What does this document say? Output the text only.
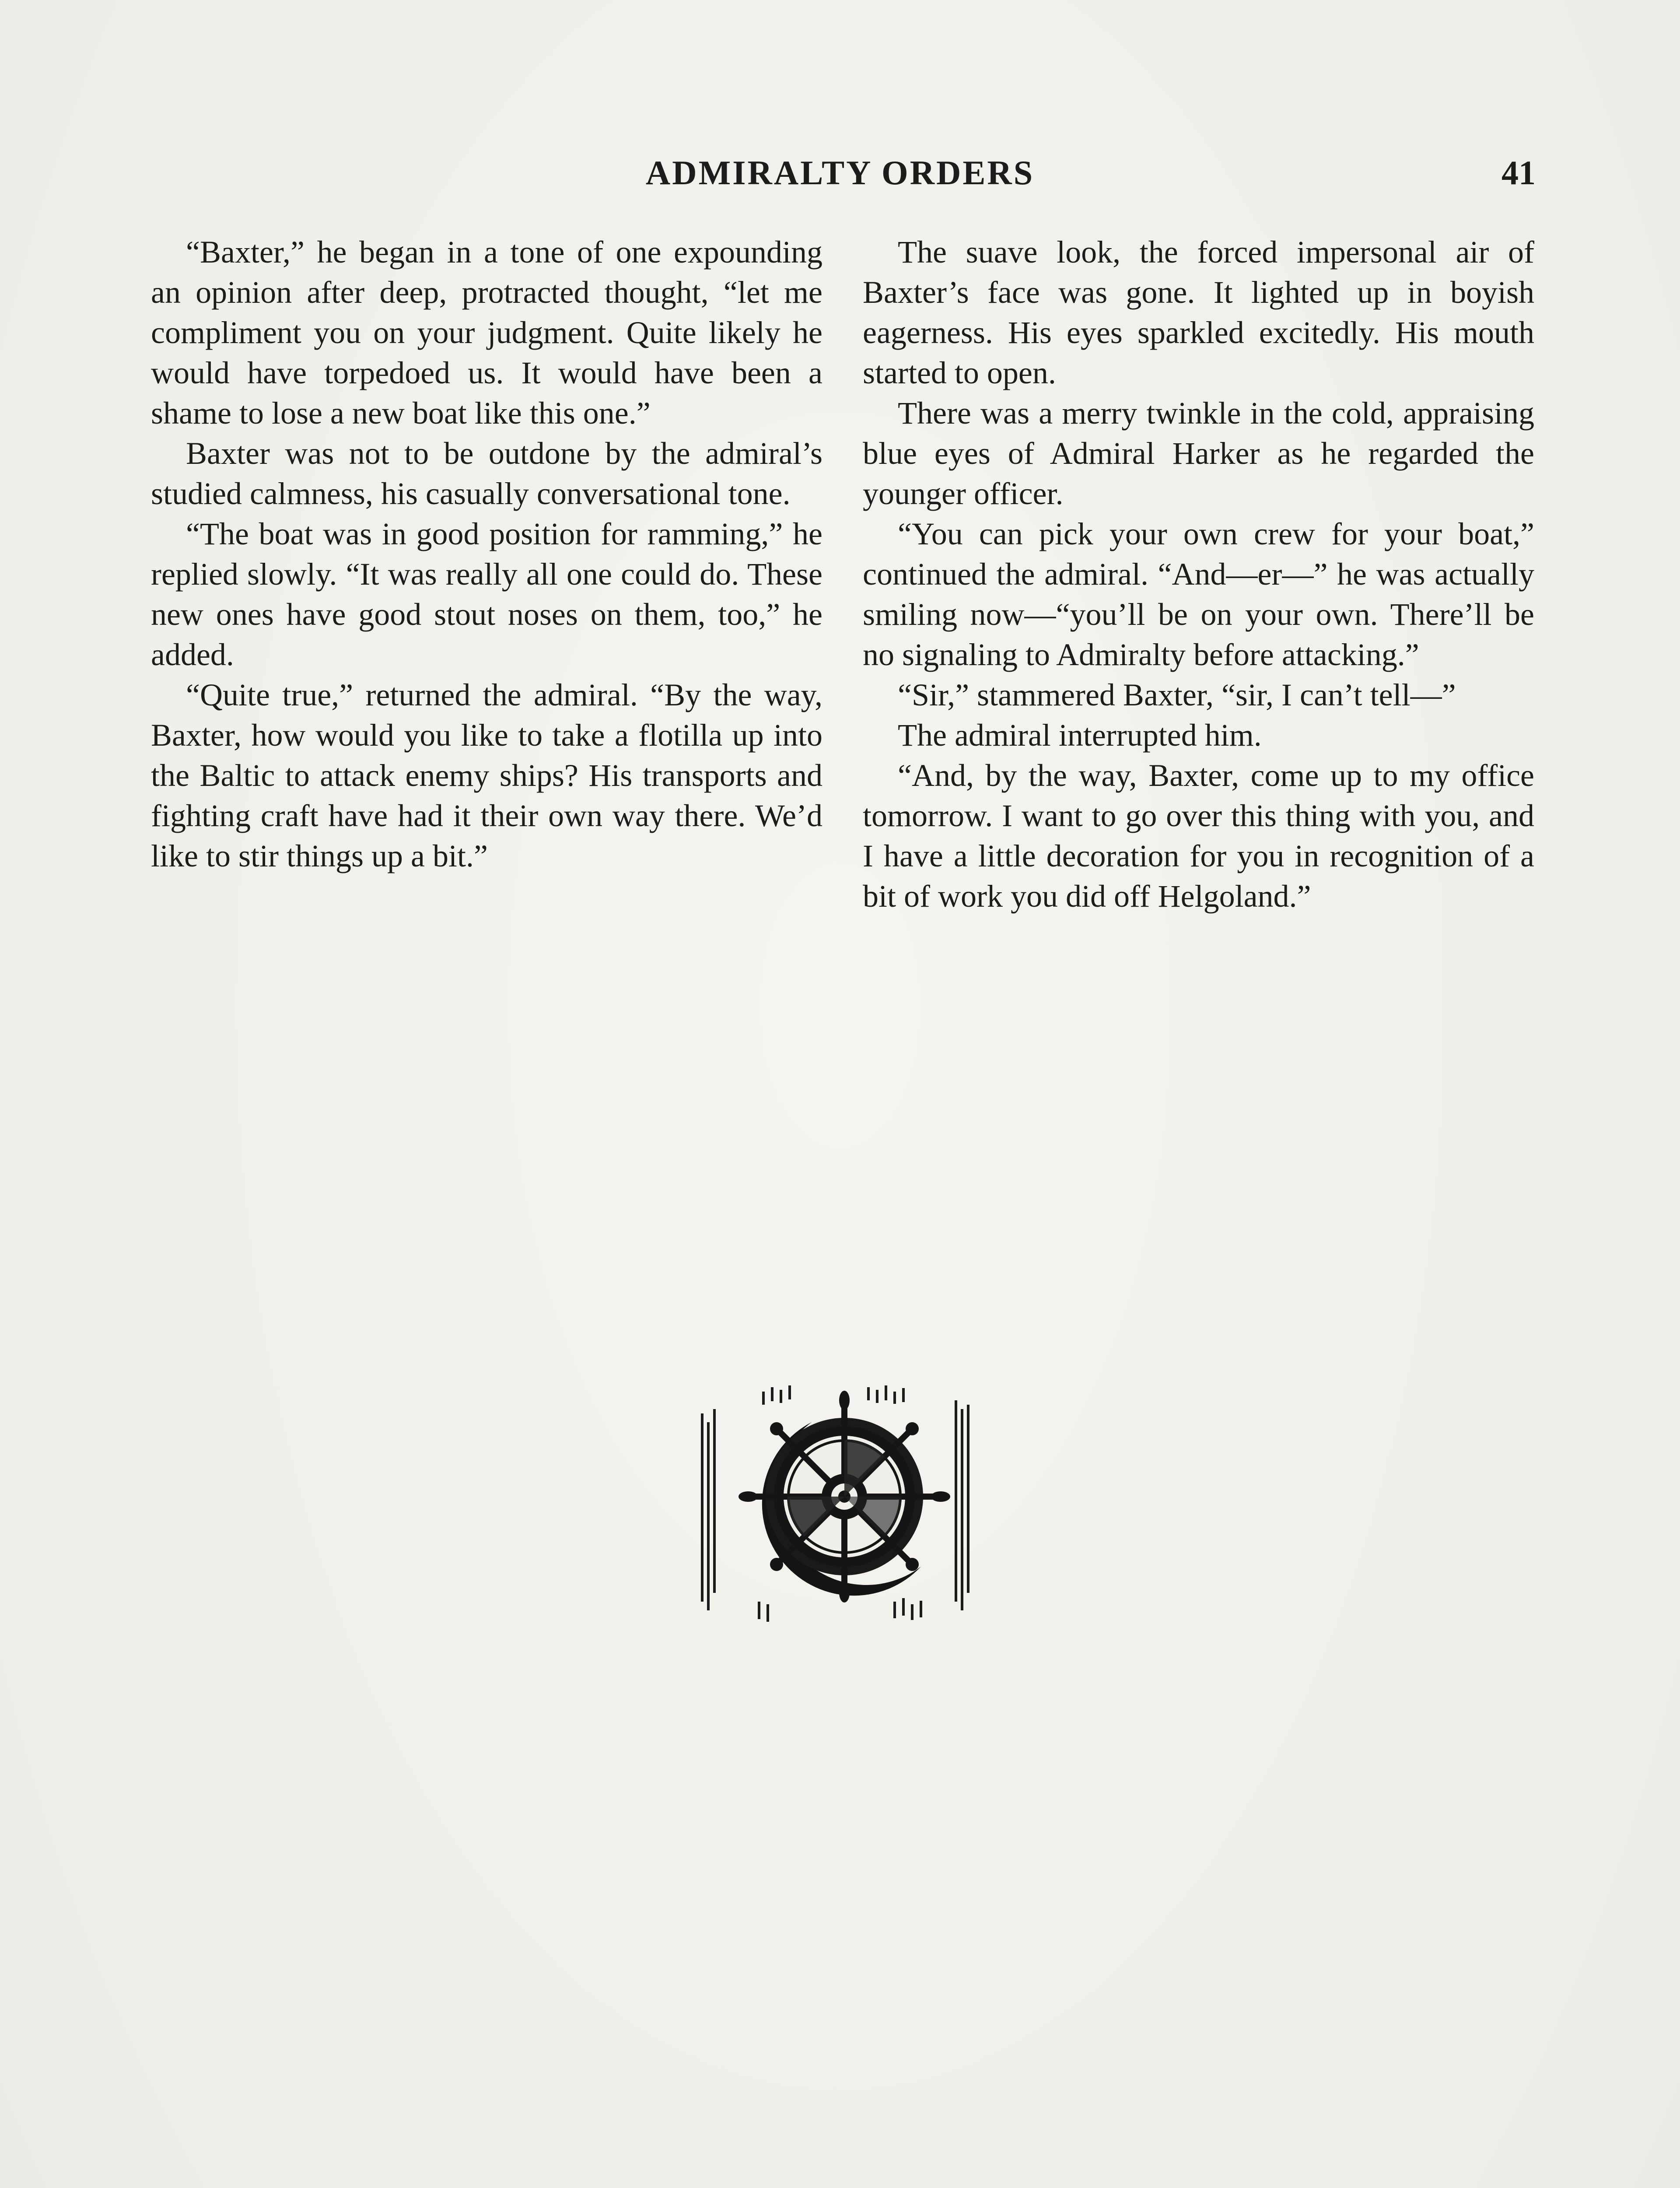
ADMIRALTY ORDERS	41

“Baxter,” he began in a tone of one expounding an opinion after deep, protracted thought, “let me compliment you on your judgment. Quite likely he would have torpedoed us. It would have been a shame to lose a new boat like this one.”

Baxter was not to be outdone by the admiral’s studied calmness, his casually conversational tone.

“The boat was in good position for ramming,” he replied slowly. “It was really all one could do. These new ones have good stout noses on them, too,” he added.

“Quite true,” returned the admiral. “By the way, Baxter, how would you like to take a flotilla up into the Baltic to attack enemy ships? His transports and fighting craft have had it their own way there. We’d like to stir things up a bit.”

The suave look, the forced impersonal air of Baxter’s face was gone. It lighted up in boyish eagerness. His eyes sparkled excitedly. His mouth started to open.

There was a merry twinkle in the cold, appraising blue eyes of Admiral Harker as he regarded the younger officer.

“You can pick your own crew for your boat,” continued the admiral. “And—er—” he was actually smiling now—“you’ll be on your own. There’ll be no signaling to Admiralty before attacking.”

“Sir,” stammered Baxter, “sir, I can’t tell—”

The admiral interrupted him.

“And, by the way, Baxter, come up to my office tomorrow. I want to go over this thing with you, and I have a little decoration for you in recognition of a bit of work you did off Helgoland.”
